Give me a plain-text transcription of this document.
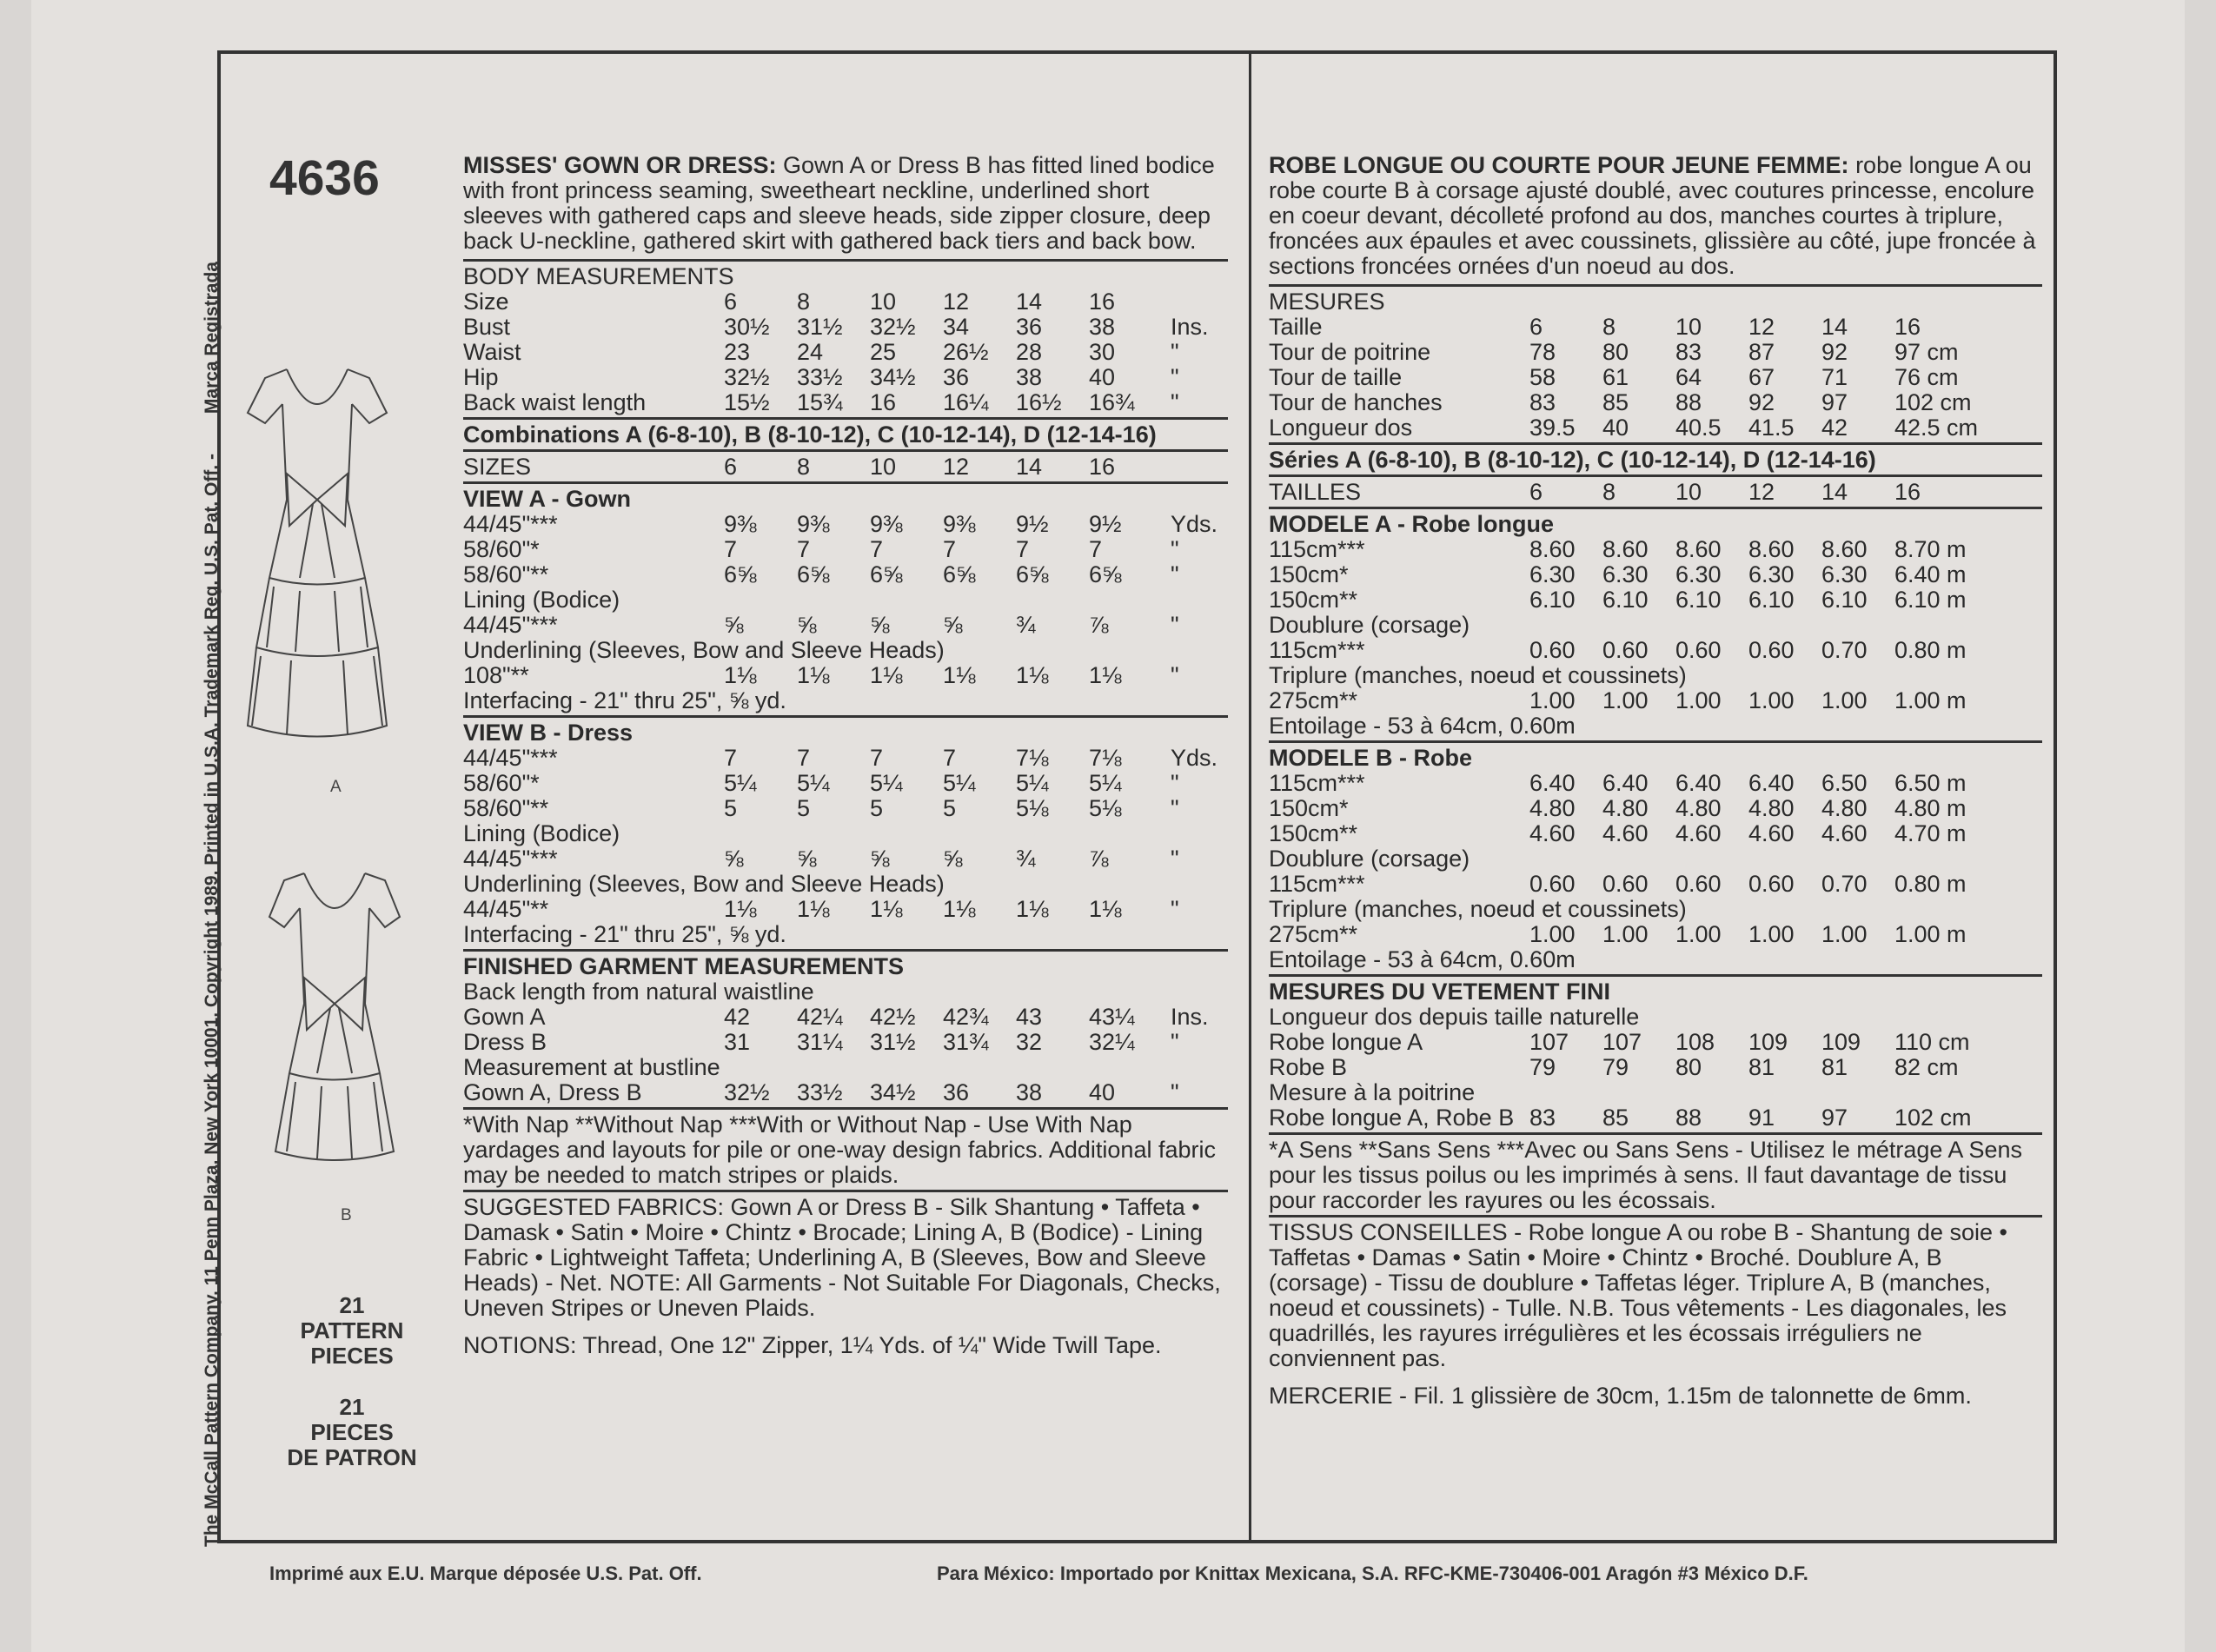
The McCall Pattern Company, 11 Penn Plaza, New York 10001, Copyright 1989, Printed in U.S.A. Trademark Reg. U.S. Pat. Off. - Marca Registrada
4636
A
B
21
PATTERN
PIECES
21
PIECES
DE PATRON

MISSES' GOWN OR DRESS: Gown A or Dress B has fitted lined bodice with front princess seaming, sweetheart neckline, underlined short sleeves with gathered caps and sleeve heads, side zipper closure, deep back U-neckline, gathered skirt with gathered back tiers and back bow.

BODY MEASUREMENTS
Size	6	8	10	12	14	16
Bust	30½	31½	32½	34	36	38	Ins.
Waist	23	24	25	26½	28	30	"
Hip	32½	33½	34½	36	38	40	"
Back waist length	15½	15¾	16	16¼	16½	16¾	"
Combinations A (6-8-10), B (8-10-12), C (10-12-14), D (12-14-16)
SIZES	6	8	10	12	14	16
VIEW A - Gown
44/45"***	9⅜	9⅜	9⅜	9⅜	9½	9½	Yds.
58/60"*	7	7	7	7	7	7	"
58/60"**	6⅝	6⅝	6⅝	6⅝	6⅝	6⅝	"
Lining (Bodice)
44/45"***	⅝	⅝	⅝	⅝	¾	⅞	"
Underlining (Sleeves, Bow and Sleeve Heads)
108"**	1⅛	1⅛	1⅛	1⅛	1⅛	1⅛	"
Interfacing - 21" thru 25", ⅝ yd.
VIEW B - Dress
44/45"***	7	7	7	7	7⅛	7⅛	Yds.
58/60"*	5¼	5¼	5¼	5¼	5¼	5¼	"
58/60"**	5	5	5	5	5⅛	5⅛	"
Lining (Bodice)
44/45"***	⅝	⅝	⅝	⅝	¾	⅞	"
Underlining (Sleeves, Bow and Sleeve Heads)
44/45"**	1⅛	1⅛	1⅛	1⅛	1⅛	1⅛	"
Interfacing - 21" thru 25", ⅝ yd.
FINISHED GARMENT MEASUREMENTS
Back length from natural waistline
Gown A	42	42¼	42½	42¾	43	43¼	Ins.
Dress B	31	31¼	31½	31¾	32	32¼	"
Measurement at bustline
Gown A, Dress B	32½	33½	34½	36	38	40	"

*With Nap **Without Nap ***With or Without Nap - Use With Nap yardages and layouts for pile or one-way design fabrics. Additional fabric may be needed to match stripes or plaids.

SUGGESTED FABRICS: Gown A or Dress B - Silk Shantung • Taffeta • Damask • Satin • Moire • Chintz • Brocade; Lining A, B (Bodice) - Lining Fabric • Lightweight Taffeta; Underlining A, B (Sleeves, Bow and Sleeve Heads) - Net. NOTE: All Garments - Not Suitable For Diagonals, Checks, Uneven Stripes or Uneven Plaids.

NOTIONS: Thread, One 12" Zipper, 1¼ Yds. of ¼" Wide Twill Tape.

ROBE LONGUE OU COURTE POUR JEUNE FEMME: robe longue A ou robe courte B à corsage ajusté doublé, avec coutures princesse, encolure en coeur devant, décolleté profond au dos, manches courtes à triplure, froncées aux épaules et avec coussinets, glissière au côté, jupe froncée à sections froncées ornées d'un noeud au dos.

MESURES
Taille	6	8	10	12	14	16
Tour de poitrine	78	80	83	87	92	97 cm
Tour de taille	58	61	64	67	71	76 cm
Tour de hanches	83	85	88	92	97	102 cm
Longueur dos	39.5	40	40.5	41.5	42	42.5 cm
Séries A (6-8-10), B (8-10-12), C (10-12-14), D (12-14-16)
TAILLES	6	8	10	12	14	16
MODELE A - Robe longue
115cm***	8.60	8.60	8.60	8.60	8.60	8.70 m
150cm*	6.30	6.30	6.30	6.30	6.30	6.40 m
150cm**	6.10	6.10	6.10	6.10	6.10	6.10 m
Doublure (corsage)
115cm***	0.60	0.60	0.60	0.60	0.70	0.80 m
Triplure (manches, noeud et coussinets)
275cm**	1.00	1.00	1.00	1.00	1.00	1.00 m
Entoilage - 53 à 64cm, 0.60m
MODELE B - Robe
115cm***	6.40	6.40	6.40	6.40	6.50	6.50 m
150cm*	4.80	4.80	4.80	4.80	4.80	4.80 m
150cm**	4.60	4.60	4.60	4.60	4.60	4.70 m
Doublure (corsage)
115cm***	0.60	0.60	0.60	0.60	0.70	0.80 m
Triplure (manches, noeud et coussinets)
275cm**	1.00	1.00	1.00	1.00	1.00	1.00 m
Entoilage - 53 à 64cm, 0.60m
MESURES DU VETEMENT FINI
Longueur dos depuis taille naturelle
Robe longue A	107	107	108	109	109	110 cm
Robe B	79	79	80	81	81	82 cm
Mesure à la poitrine
Robe longue A, Robe B 83	85	88	91	97	102 cm

*A Sens **Sans Sens ***Avec ou Sans Sens - Utilisez le métrage A Sens pour les tissus poilus ou les imprimés à sens. Il faut davantage de tissu pour raccorder les rayures ou les écossais.

TISSUS CONSEILLES - Robe longue A ou robe B - Shantung de soie • Taffetas • Damas • Satin • Moire • Chintz • Broché. Doublure A, B (corsage) - Tissu de doublure • Taffetas léger. Triplure A, B (manches, noeud et coussinets) - Tulle. N.B. Tous vêtements - Les diagonales, les quadrillés, les rayures irrégulières et les écossais irréguliers ne conviennent pas.

MERCERIE - Fil. 1 glissière de 30cm, 1.15m de talonnette de 6mm.

Imprimé aux E.U. Marque déposée U.S. Pat. Off.	Para México: Importado por Knittax Mexicana, S.A. RFC-KME-730406-001 Aragón #3 México D.F.
